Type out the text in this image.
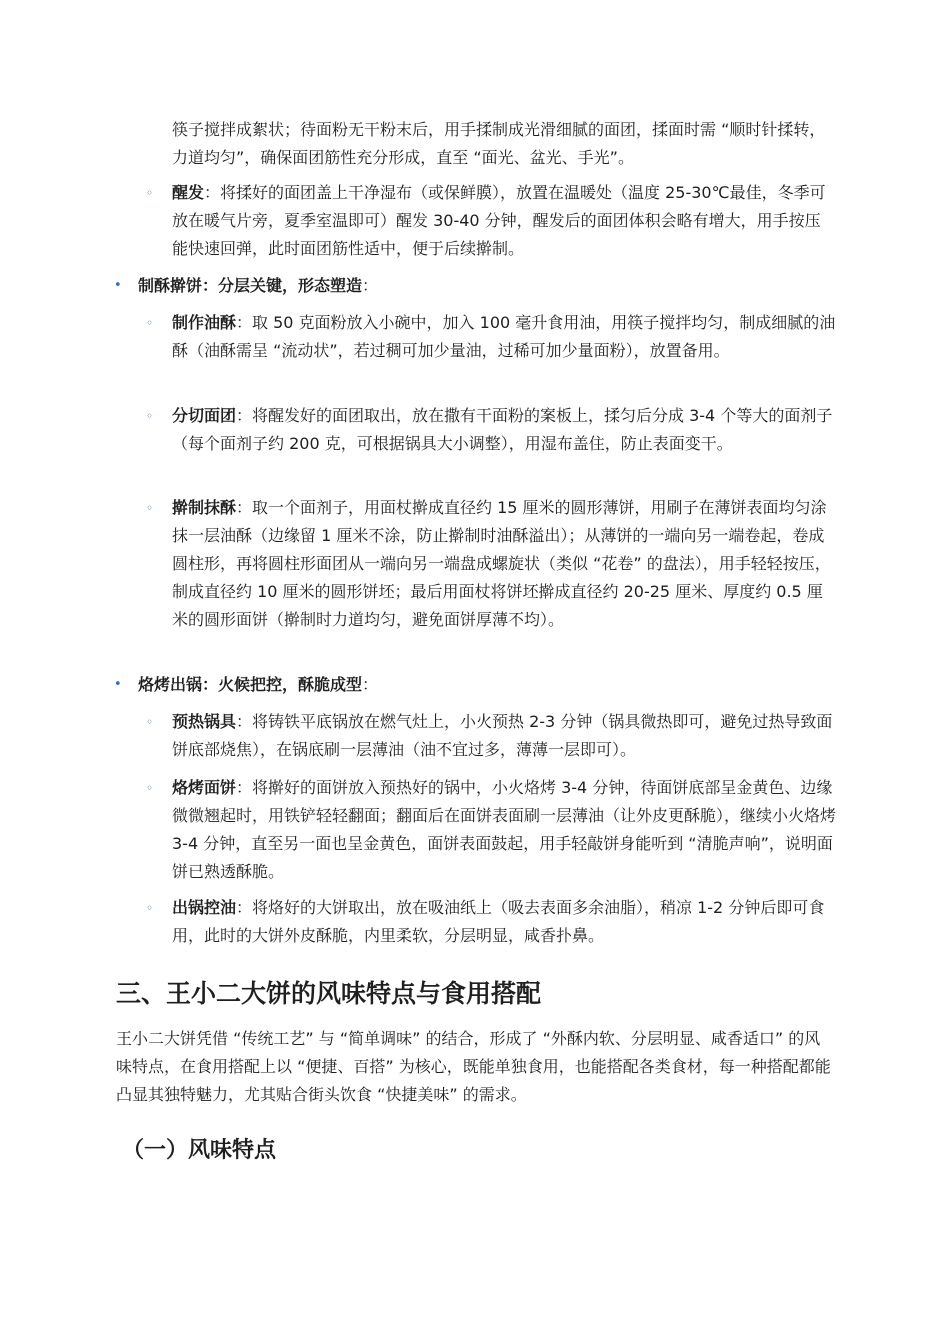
筷子搅拌成絮状；待面粉无干粉末后，用手揉制成光滑细腻的面团，揉面时需 “顺时针揉转，力道均匀”，确保面团筋性充分形成，直至 “面光、盆光、手光”。
◦ 醒发：将揉好的面团盖上干净湿布（或保鲜膜），放置在温暖处（温度 25-30℃最佳，冬季可放在暖气片旁，夏季室温即可）醒发 30-40 分钟，醒发后的面团体积会略有增大，用手按压能快速回弹，此时面团筋性适中，便于后续擀制。
• 制酥擀饼：分层关键，形态塑造：
◦ 制作油酥：取 50 克面粉放入小碗中，加入 100 毫升食用油，用筷子搅拌均匀，制成细腻的油酥（油酥需呈 “流动状”，若过稠可加少量油，过稀可加少量面粉），放置备用。
◦ 分切面团：将醒发好的面团取出，放在撒有干面粉的案板上，揉匀后分成 3-4 个等大的面剂子（每个面剂子约 200 克，可根据锅具大小调整），用湿布盖住，防止表面变干。
◦ 擀制抹酥：取一个面剂子，用面杖擀成直径约 15 厘米的圆形薄饼，用刷子在薄饼表面均匀涂抹一层油酥（边缘留 1 厘米不涂，防止擀制时油酥溢出）；从薄饼的一端向另一端卷起，卷成圆柱形，再将圆柱形面团从一端向另一端盘成螺旋状（类似 “花卷” 的盘法），用手轻轻按压，制成直径约 10 厘米的圆形饼坯；最后用面杖将饼坯擀成直径约 20-25 厘米、厚度约 0.5 厘米的圆形面饼（擀制时力道均匀，避免面饼厚薄不均）。
• 烙烤出锅：火候把控，酥脆成型：
◦ 预热锅具：将铸铁平底锅放在燃气灶上，小火预热 2-3 分钟（锅具微热即可，避免过热导致面饼底部烧焦），在锅底刷一层薄油（油不宜过多，薄薄一层即可）。
◦ 烙烤面饼：将擀好的面饼放入预热好的锅中，小火烙烤 3-4 分钟，待面饼底部呈金黄色、边缘微微翘起时，用铁铲轻轻翻面；翻面后在面饼表面刷一层薄油（让外皮更酥脆），继续小火烙烤 3-4 分钟，直至另一面也呈金黄色，面饼表面鼓起，用手轻敲饼身能听到 “清脆声响”，说明面饼已熟透酥脆。
◦ 出锅控油：将烙好的大饼取出，放在吸油纸上（吸去表面多余油脂），稍凉 1-2 分钟后即可食用，此时的大饼外皮酥脆，内里柔软，分层明显，咸香扑鼻。
三、王小二大饼的风味特点与食用搭配
王小二大饼凭借 “传统工艺” 与 “简单调味” 的结合，形成了 “外酥内软、分层明显、咸香适口” 的风味特点，在食用搭配上以 “便捷、百搭” 为核心，既能单独食用，也能搭配各类食材，每一种搭配都能凸显其独特魅力，尤其贴合街头饮食 “快捷美味” 的需求。
（一）风味特点
